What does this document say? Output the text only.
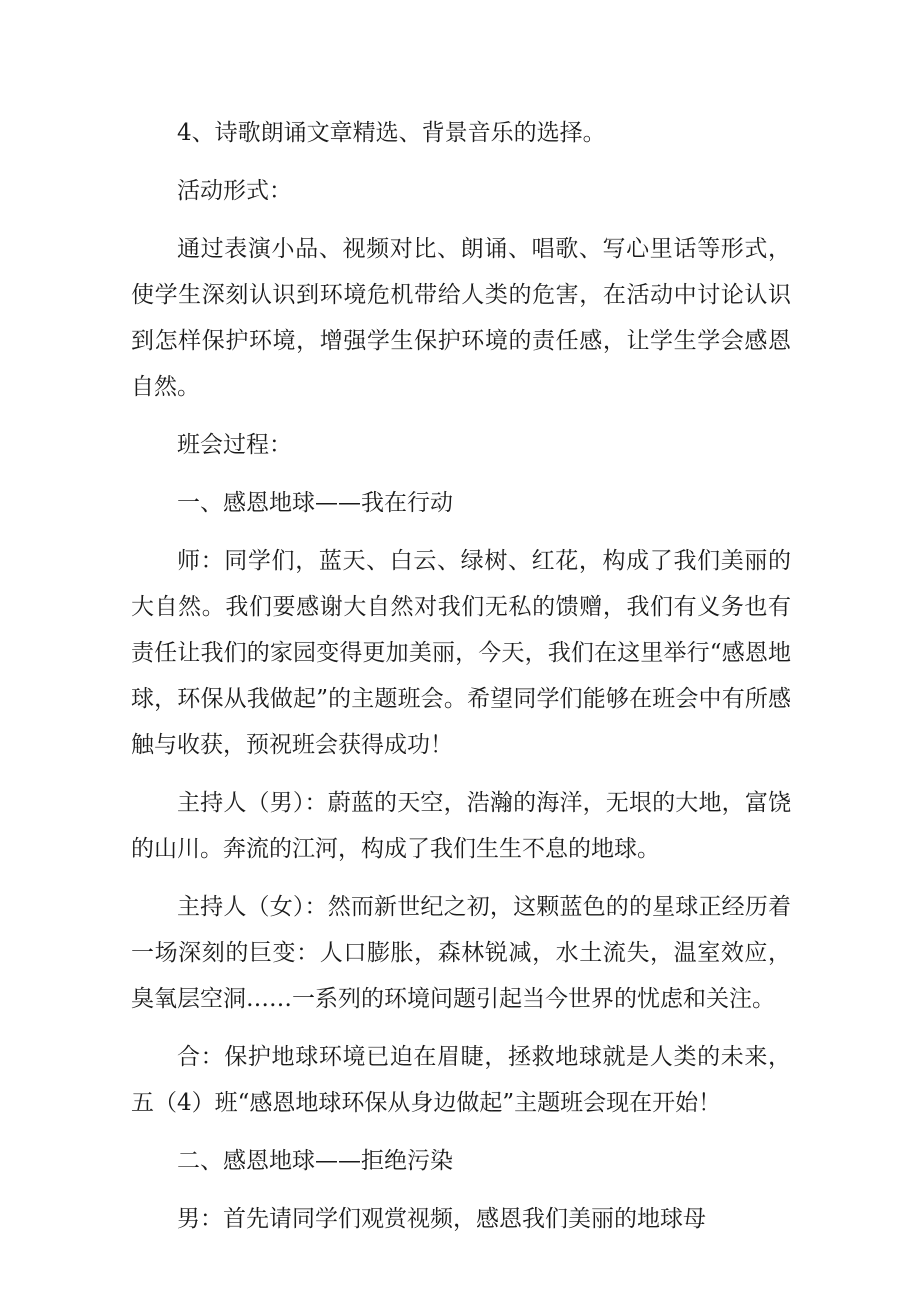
4、诗歌朗诵文章精选、背景音乐的选择。

活动形式：

通过表演小品、视频对比、朗诵、唱歌、写心里话等形式，使学生深刻认识到环境危机带给人类的危害，在活动中讨论认识到怎样保护环境，增强学生保护环境的责任感，让学生学会感恩自然。

班会过程：

一、感恩地球——我在行动

师：同学们，蓝天、白云、绿树、红花，构成了我们美丽的大自然。我们要感谢大自然对我们无私的馈赠，我们有义务也有责任让我们的家园变得更加美丽，今天，我们在这里举行“感恩地球，环保从我做起”的主题班会。希望同学们能够在班会中有所感触与收获，预祝班会获得成功！

主持人（男）：蔚蓝的天空，浩瀚的海洋，无垠的大地，富饶的山川。奔流的江河，构成了我们生生不息的地球。

主持人（女）：然而新世纪之初，这颗蓝色的的星球正经历着一场深刻的巨变：人口膨胀，森林锐减，水土流失，温室效应，臭氧层空洞……一系列的环境问题引起当今世界的忧虑和关注。

合：保护地球环境已迫在眉睫，拯救地球就是人类的未来，五（4）班“感恩地球环保从身边做起”主题班会现在开始！

二、感恩地球——拒绝污染

男：首先请同学们观赏视频，感恩我们美丽的地球母
